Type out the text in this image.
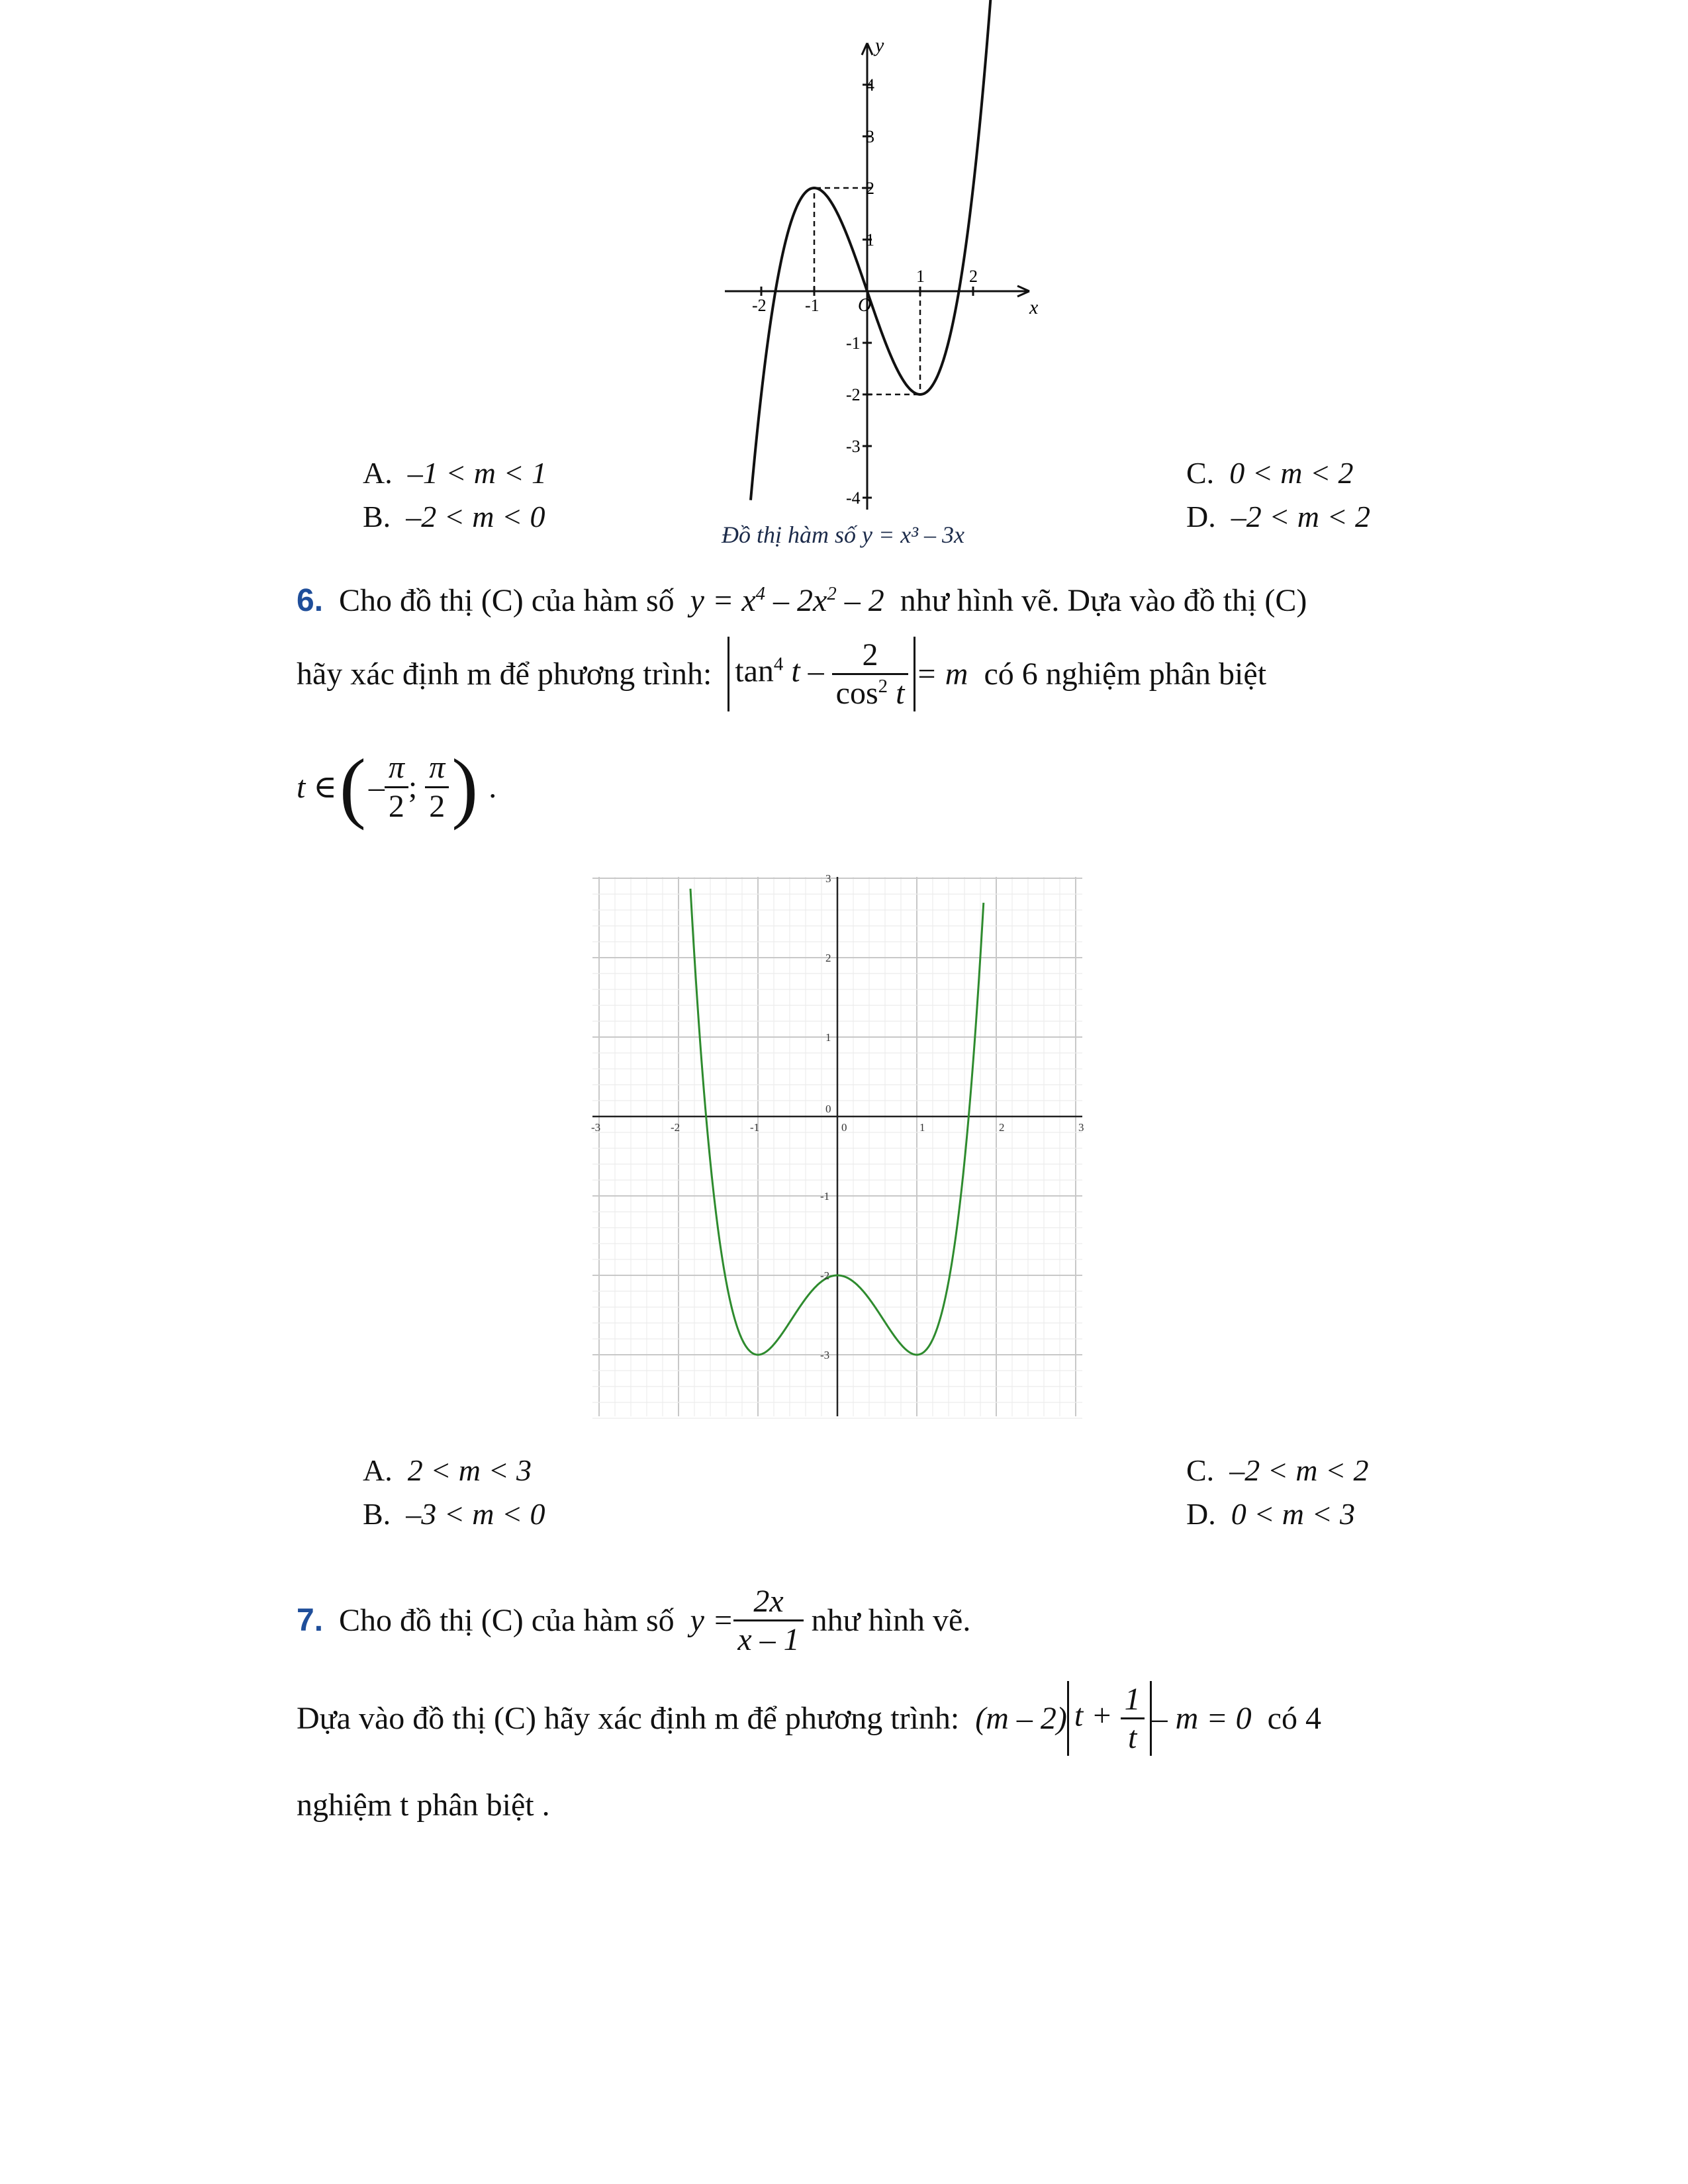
A. –1 < m < 1
B. –2 < m < 0
C. 0 < m < 2
D. –2 < m < 2
-2 -1
1	2
4
3
2
1
-1
-2
-3
-4
O	x
y
Đồ thị hàm số y = x³ – 3x
6. Cho đồ thị (C) của hàm số $y = x^4 - 2x^2 - 2$ như hình vẽ. Dựa vào đồ thị (C)
hãy xác định m để phương trình:
$\tan^4 t - \frac{2}{\cos^2 t} = m$
có 6 nghiệm phân biệt
t ∈ ( – $\frac{\pi}{2}$ ;
$\frac{\pi}{2}$ )
.
-3	-2	-1	0	1	2	3
3
2
1
0
-1
-2
-3
A. 2 < m < 3
B. –3 < m < 0
C. –2 < m < 2
D. 0 < m < 3
7.
Cho đồ thị (C) của hàm số
$y = \frac{2x}{x - 1}$
như hình vẽ.
Dựa vào đồ thị (C) hãy xác định m để phương trình:
(m – 2) $t + \frac{1}{t} - m = 0$
có 4
nghiệm t phân biệt .
